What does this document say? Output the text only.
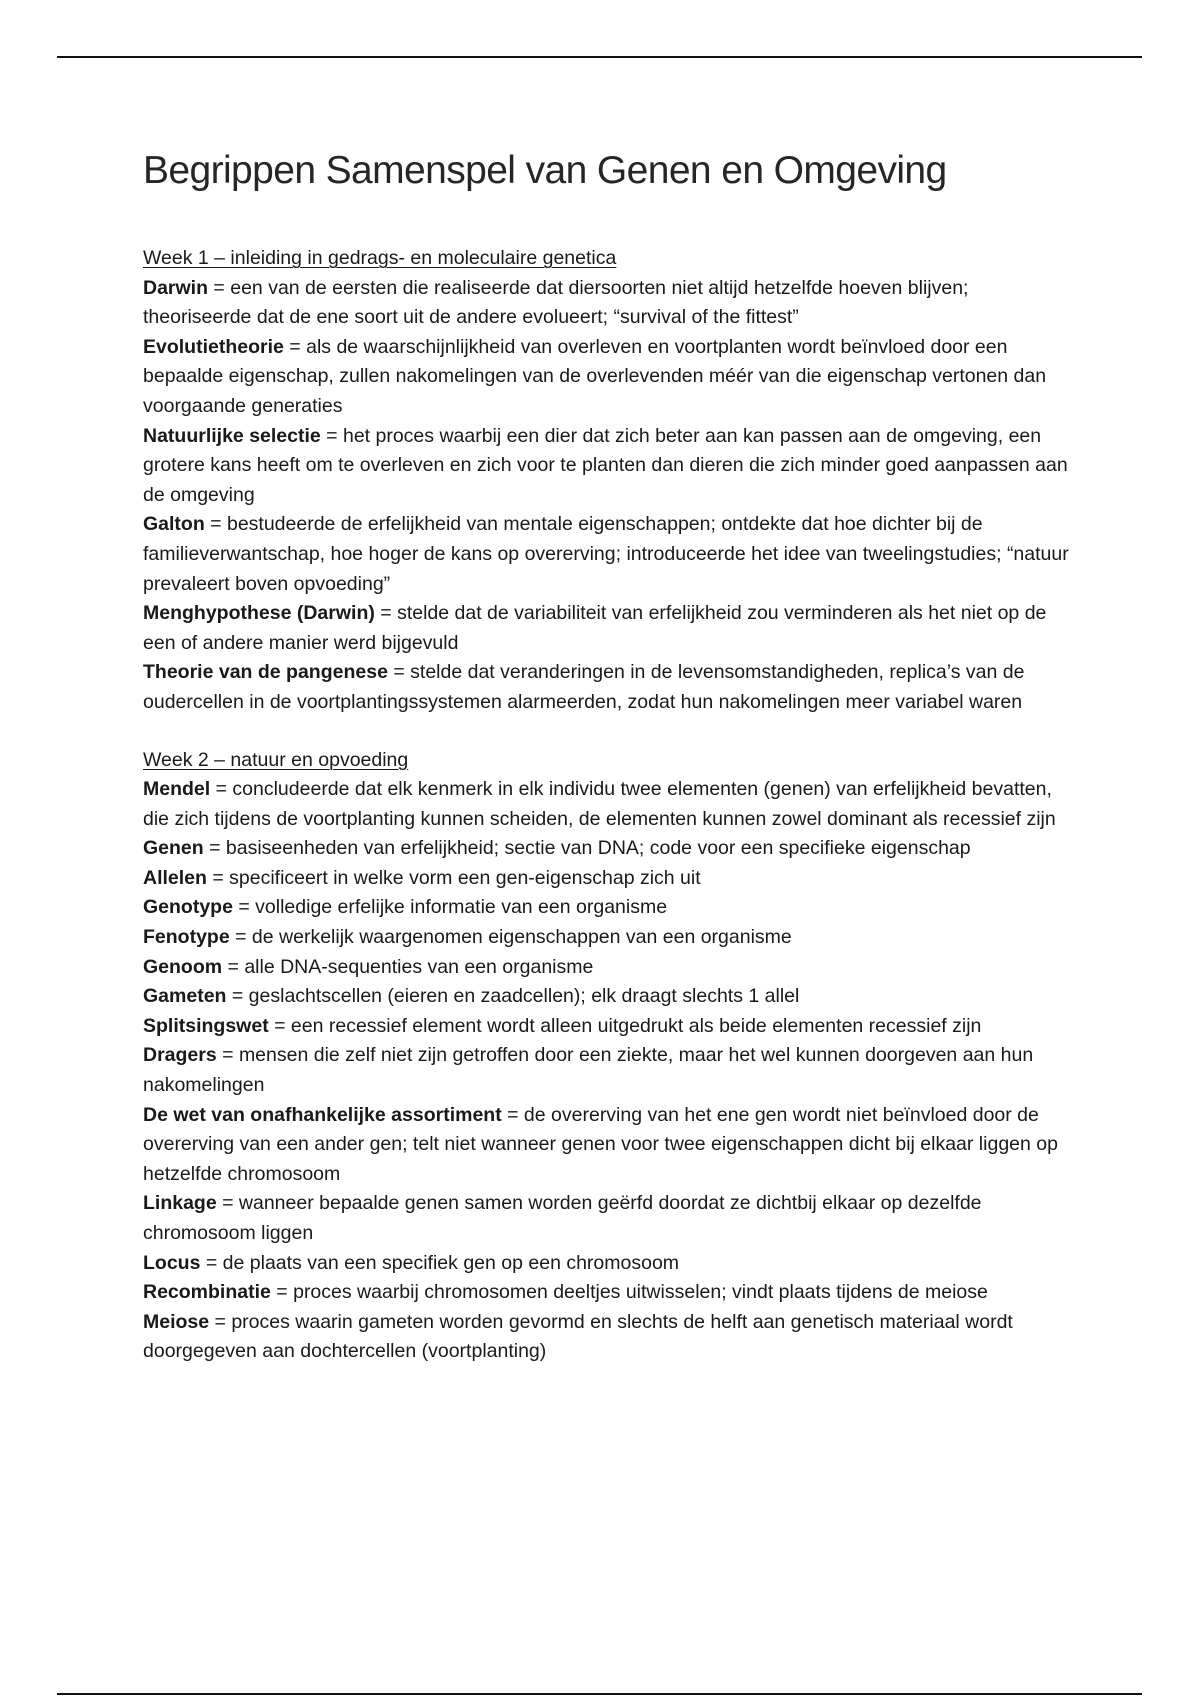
Begrippen Samenspel van Genen en Omgeving

Week 1 – inleiding in gedrags- en moleculaire genetica

Darwin = een van de eersten die realiseerde dat diersoorten niet altijd hetzelfde hoeven blijven; theoriseerde dat de ene soort uit de andere evolueert; “survival of the fittest”

Evolutietheorie = als de waarschijnlijkheid van overleven en voortplanten wordt beïnvloed door een bepaalde eigenschap, zullen nakomelingen van de overlevenden méér van die eigenschap vertonen dan voorgaande generaties

Natuurlijke selectie = het proces waarbij een dier dat zich beter aan kan passen aan de omgeving, een grotere kans heeft om te overleven en zich voor te planten dan dieren die zich minder goed aanpassen aan de omgeving

Galton = bestudeerde de erfelijkheid van mentale eigenschappen; ontdekte dat hoe dichter bij de familieverwantschap, hoe hoger de kans op overerving; introduceerde het idee van tweelingstudies; “natuur prevaleert boven opvoeding”

Menghypothese (Darwin) = stelde dat de variabiliteit van erfelijkheid zou verminderen als het niet op de een of andere manier werd bijgevuld

Theorie van de pangenese = stelde dat veranderingen in de levensomstandigheden, replica’s van de oudercellen in de voortplantingssystemen alarmeerden, zodat hun nakomelingen meer variabel waren

Week 2 – natuur en opvoeding

Mendel = concludeerde dat elk kenmerk in elk individu twee elementen (genen) van erfelijkheid bevatten, die zich tijdens de voortplanting kunnen scheiden, de elementen kunnen zowel dominant als recessief zijn

Genen = basiseenheden van erfelijkheid; sectie van DNA; code voor een specifieke eigenschap

Allelen = specificeert in welke vorm een gen-eigenschap zich uit

Genotype = volledige erfelijke informatie van een organisme

Fenotype = de werkelijk waargenomen eigenschappen van een organisme

Genoom = alle DNA-sequenties van een organisme

Gameten = geslachtscellen (eieren en zaadcellen); elk draagt slechts 1 allel

Splitsingswet = een recessief element wordt alleen uitgedrukt als beide elementen recessief zijn

Dragers = mensen die zelf niet zijn getroffen door een ziekte, maar het wel kunnen doorgeven aan hun nakomelingen

De wet van onafhankelijke assortiment = de overerving van het ene gen wordt niet beïnvloed door de overerving van een ander gen; telt niet wanneer genen voor twee eigenschappen dicht bij elkaar liggen op hetzelfde chromosoom

Linkage = wanneer bepaalde genen samen worden geërfd doordat ze dichtbij elkaar op dezelfde chromosoom liggen

Locus = de plaats van een specifiek gen op een chromosoom

Recombinatie = proces waarbij chromosomen deeltjes uitwisselen; vindt plaats tijdens de meiose

Meiose = proces waarin gameten worden gevormd en slechts de helft aan genetisch materiaal wordt doorgegeven aan dochtercellen (voortplanting)
